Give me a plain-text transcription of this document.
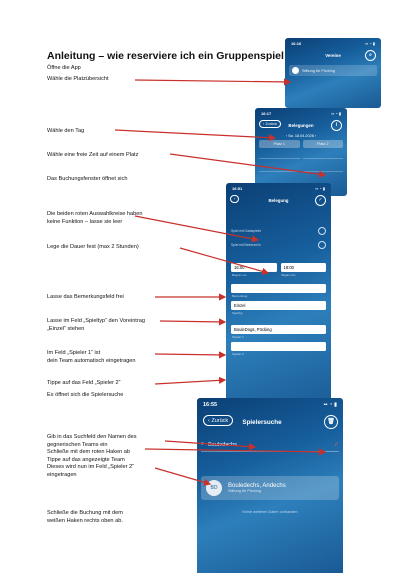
Anleitung – wie reserviere ich ein Gruppenspiel
Öffne die App
Wähle die Platzübersicht
Wähle den Tag
Wähle eine freie Zeit auf einem Platz
Das Buchungsfenster öffnet sich
Die beiden roten Auswahlkreise haben
keine Funktion – lasse sie leer
Lege die Dauer fest (max 2 Stunden)
Lasse das Bemerkungsfeld frei
Lasse im Feld „Spieltyp“ den Voreintrag
„Einzel“ stehen
Im Feld „Spieler 1“ ist
dein Team automatisch eingetragen
Tippe auf das Feld „Spieler 2“
Es öffnet sich die Spielersuche
Gib in das Suchfeld den Namen des
gegnerischen Teams ein
Schließe mit dem roten Haken ab
Tippe auf das angezeigte Team
Dieses wird nun im Feld „Spieler 2“
eingetragen
Schließe die Buchung mit dem
weißen Haken rechts oben ab.
16:16	▪▪ ◔ ▮
Vereine	⌕
Stiftung für Pöcking
16:17	▪▪ ◔ ▮
‹ Zurück	Belegungen	i
‹ Sa. 18.04.2026 ›
Platz 1	Platz 2
16:51	▪▪ ◔ ▮
‹	Belegung	✓
Spiel mit Gastspieler
Spiel mit Betreuer/in
16:00
Beginn um
18:00
Beginn bis
Bemerkung
Einzel
Spieltyp
BouleDogs, Pöcking
Spieler 1
Spieler 2
16:55	▪▪ ◔ ▮
‹ Zurück	Spielersuche	🗑
⌕ Bouledechs	✓
BD	Bouledechs, Andechs
Stiftung für Pöcking
Keine weiteren Daten vorhanden
